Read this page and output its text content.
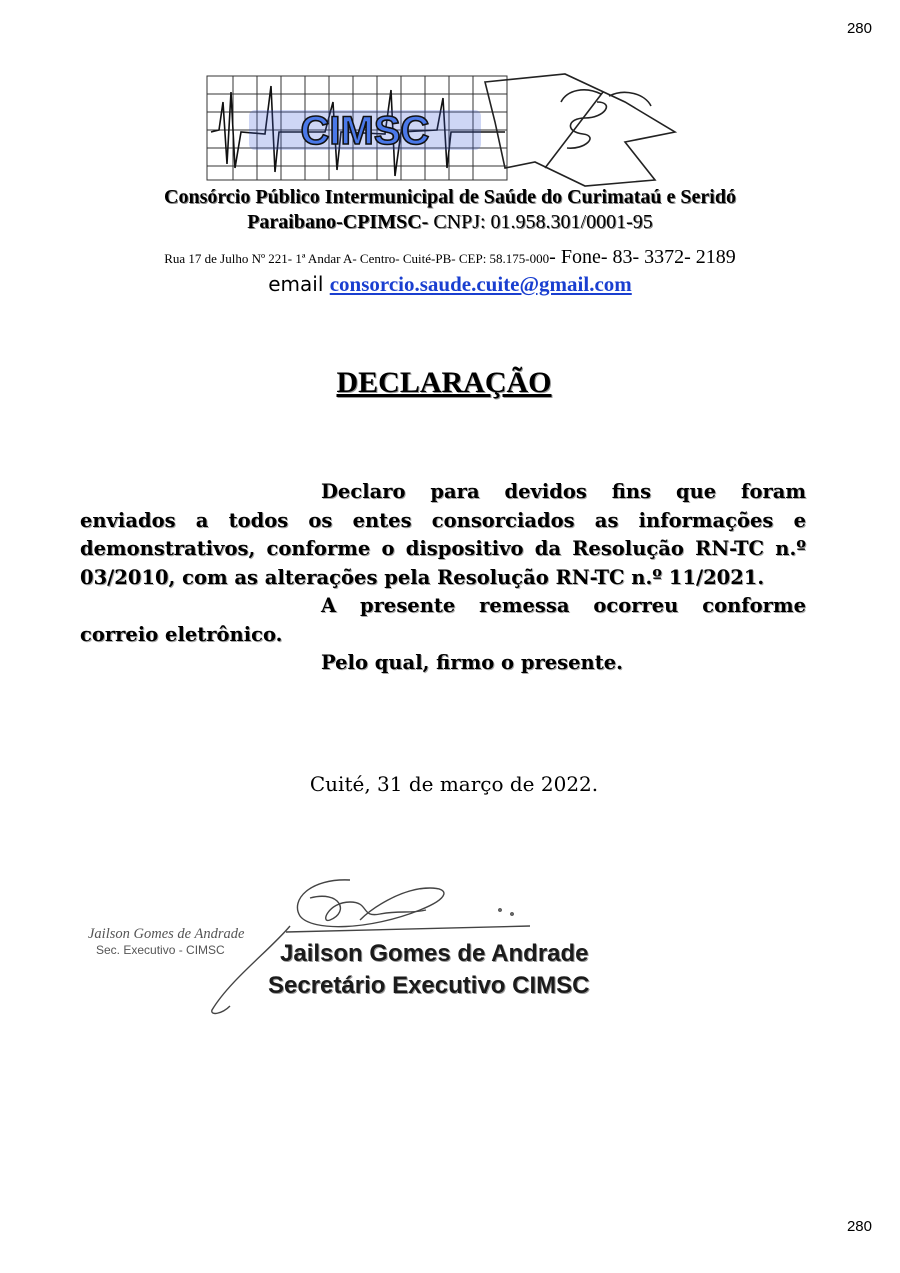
280
CIMSC
Consórcio Público Intermunicipal de Saúde do Curimataú e Seridó
Paraibano-CPIMSC- CNPJ: 01.958.301/0001-95
Rua 17 de Julho Nº 221- 1ª Andar A- Centro- Cuité-PB- CEP: 58.175-000- Fone- 83- 3372- 2189
email consorcio.saude.cuite@gmail.com
DECLARAÇÃO

Declaro para devidos fins que foram enviados a todos os entes consorciados as informações e demonstrativos, conforme o dispositivo da Resolução RN-TC n.º 03/2010, com as alterações pela Resolução RN-TC n.º 11/2021.

A presente remessa ocorreu conforme correio eletrônico.

Pelo qual, firmo o presente.

Cuité, 31 de março de 2022.
Jailson Gomes de Andrade
Sec. Executivo - CIMSC	Jailson Gomes de Andrade
Secretário Executivo CIMSC
280
